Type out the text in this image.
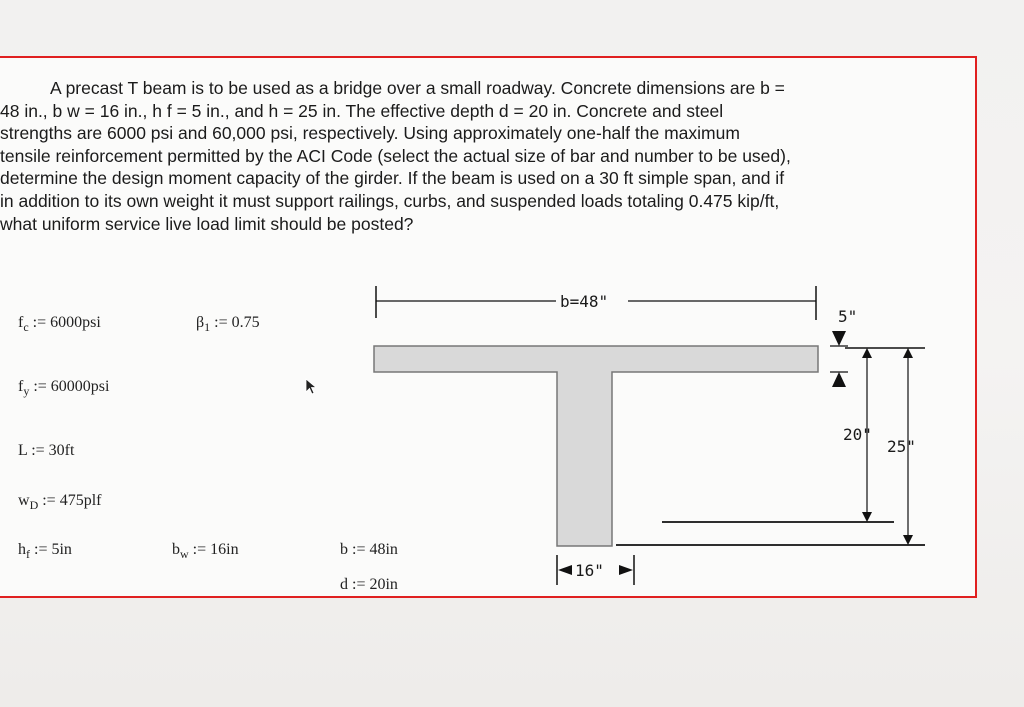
A precast T beam is to be used as a bridge over a small roadway. Concrete dimensions are b =
48 in., b w = 16 in., h f = 5 in., and h = 25 in. The effective depth d = 20 in. Concrete and steel
strengths are 6000 psi and 60,000 psi, respectively. Using approximately one-half the maximum
tensile reinforcement permitted by the ACI Code (select the actual size of bar and number to be used),
determine the design moment capacity of the girder. If the beam is used on a 30 ft simple span, and if
in addition to its own weight it must support railings, curbs, and suspended loads totaling 0.475 kip/ft,
what uniform service live load limit should be posted?
$f_c$ := 6000psi	$\beta_1$ := 0.75
$f_y$ := 60000psi
L := 30ft
$w_D$ := 475plf
$h_f$ := 5in	$b_w$ := 16in	b := 48in
d := 20in
b=48"
5"
20"
25"
16"
